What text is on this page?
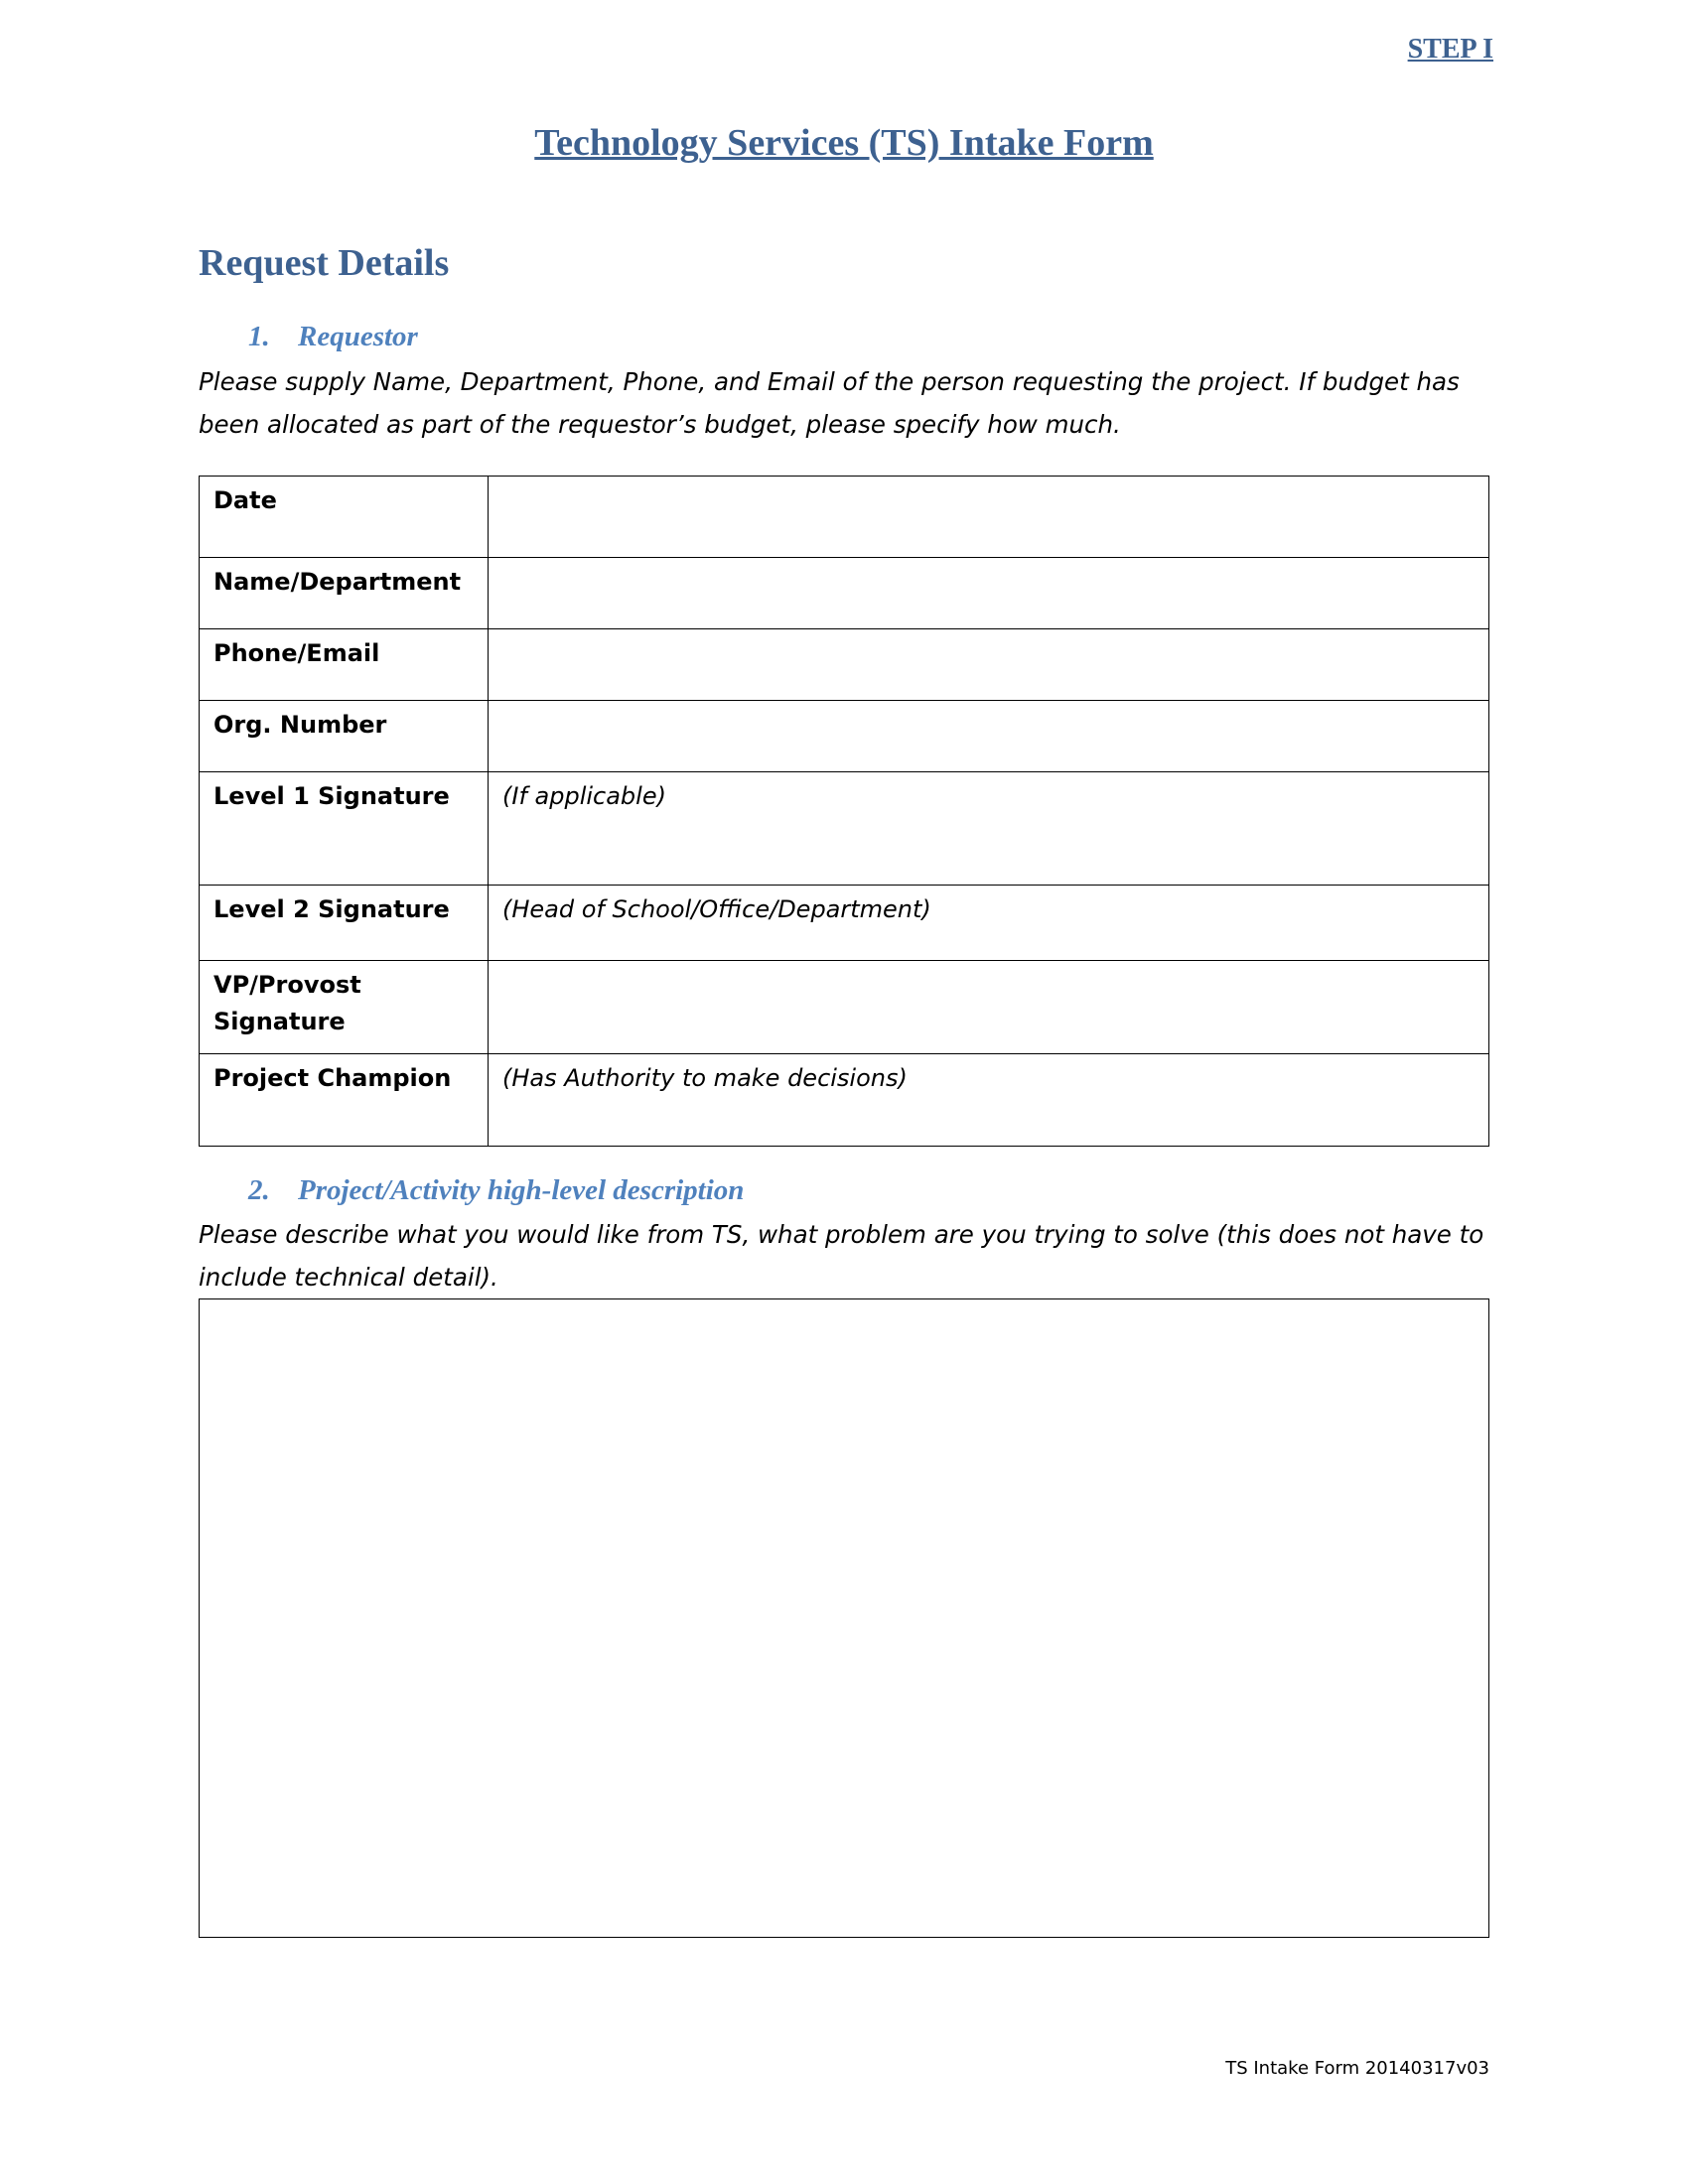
STEP I
Technology Services (TS) Intake Form
Request Details
1. Requestor
Please supply Name, Department, Phone, and Email of the person requesting the project. If budget has been allocated as part of the requestor’s budget, please specify how much.
Date	
Name/Department	
Phone/Email	
Org. Number	
Level 1 Signature	(If applicable)
Level 2 Signature	(Head of School/Office/Department)
VP/Provost Signature	
Project Champion	(Has Authority to make decisions)
2. Project/Activity high-level description
Please describe what you would like from TS, what problem are you trying to solve (this does not have to include technical detail).
TS Intake Form 20140317v03
